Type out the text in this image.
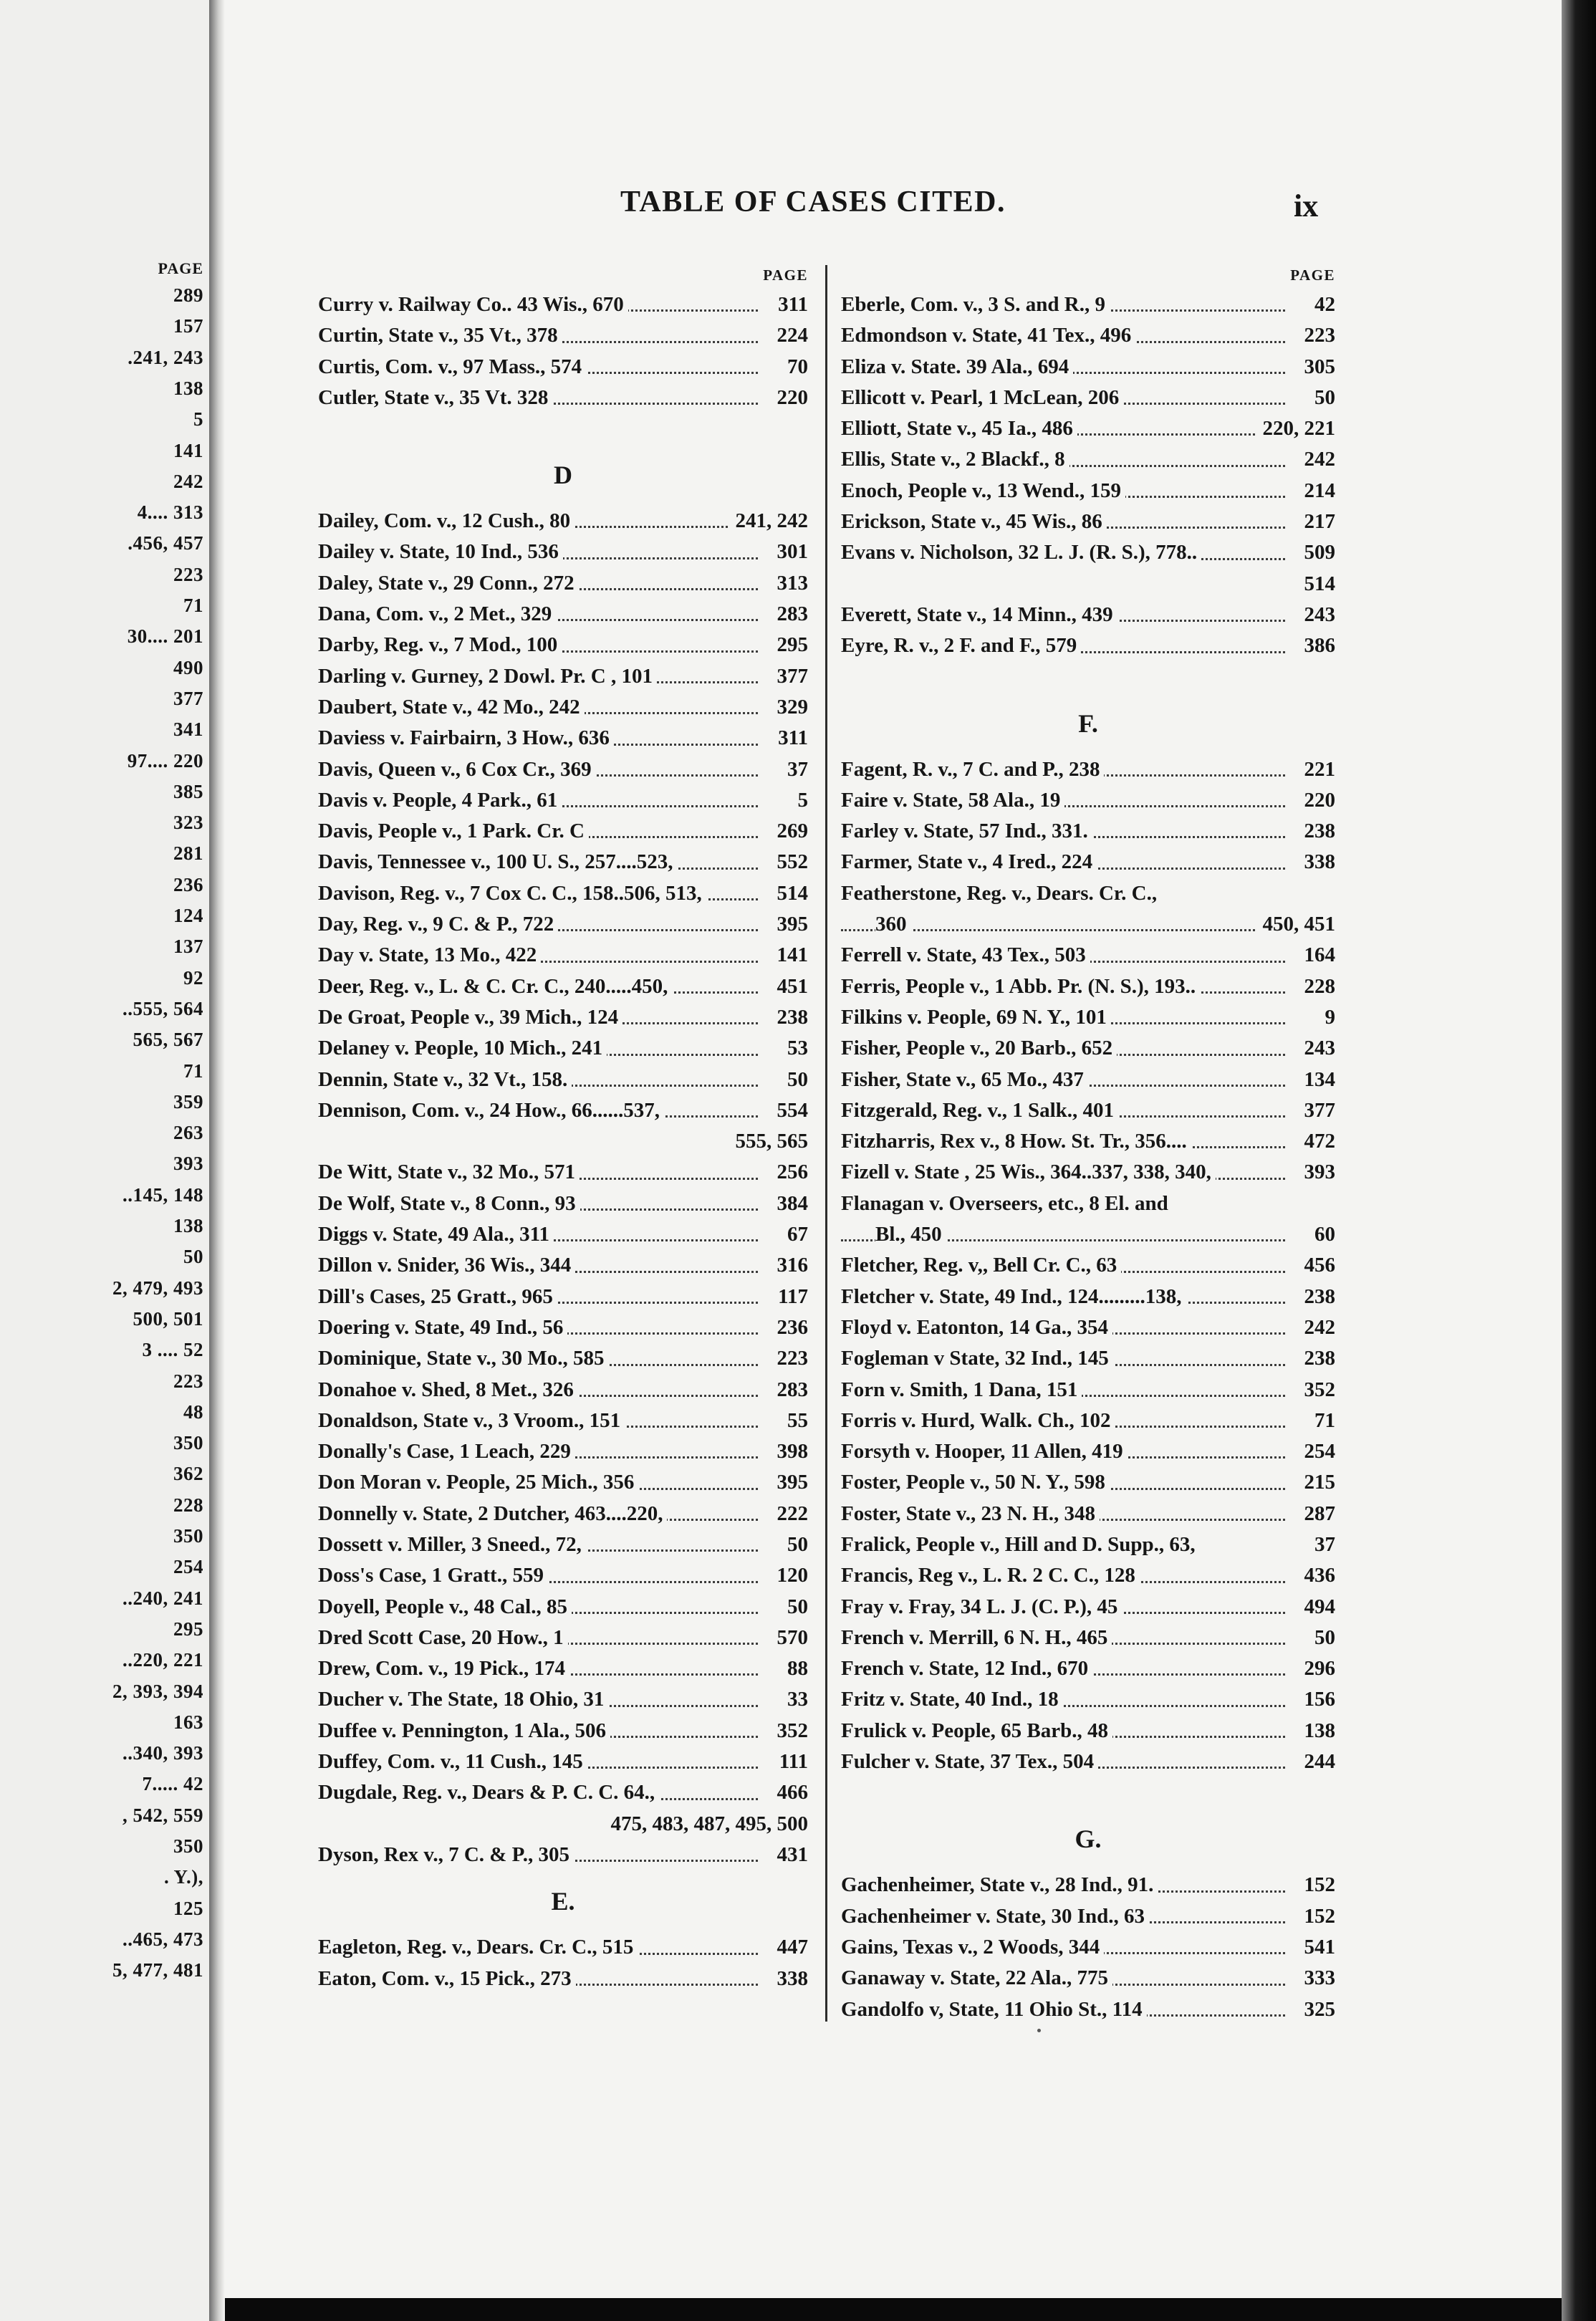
PAGE
289
157
.241, 243
138
5
141
242
4.... 313
.456, 457
223
71
30.... 201
490
377
341
97.... 220
385
323
281
236
124
137
92
..555, 564
565, 567
71
359
263
393
..145, 148
138
50
2, 479, 493
500, 501
3 .... 52
223
48
350
362
228
350
254
..240, 241
295
..220, 221
2, 393, 394
163
..340, 393
7..... 42
, 542, 559
350
. Y.),
125
..465, 473
5, 477, 481
TABLE OF CASES CITED.	ix
PAGE
Curry v. Railway Co.. 43 Wis., 670	311
Curtin, State v., 35 Vt., 378	224
Curtis, Com. v., 97 Mass., 574	70
Cutler, State v., 35 Vt. 328	220
D
Dailey, Com. v., 12 Cush., 80	241, 242
Dailey v. State, 10 Ind., 536	301
Daley, State v., 29 Conn., 272	313
Dana, Com. v., 2 Met., 329	283
Darby, Reg. v., 7 Mod., 100	295
Darling v. Gurney, 2 Dowl. Pr. C , 101	377
Daubert, State v., 42 Mo., 242	329
Daviess v. Fairbairn, 3 How., 636	311
Davis, Queen v., 6 Cox Cr., 369	37
Davis v. People, 4 Park., 61	5
Davis, People v., 1 Park. Cr. C	269
Davis, Tennessee v., 100 U. S., 257....523,	552
Davison, Reg. v., 7 Cox C. C., 158..506, 513,	514
Day, Reg. v., 9 C. & P., 722	395
Day v. State, 13 Mo., 422	141
Deer, Reg. v., L. & C. Cr. C., 240.....450,	451
De Groat, People v., 39 Mich., 124	238
Delaney v. People, 10 Mich., 241	53
Dennin, State v., 32 Vt., 158.	50
Dennison, Com. v., 24 How., 66......537,	554
555, 565
De Witt, State v., 32 Mo., 571	256
De Wolf, State v., 8 Conn., 93	384
Diggs v. State, 49 Ala., 311	67
Dillon v. Snider, 36 Wis., 344	316
Dill's Cases, 25 Gratt., 965	117
Doering v. State, 49 Ind., 56	236
Dominique, State v., 30 Mo., 585	223
Donahoe v. Shed, 8 Met., 326	283
Donaldson, State v., 3 Vroom., 151	55
Donally's Case, 1 Leach, 229	398
Don Moran v. People, 25 Mich., 356	395
Donnelly v. State, 2 Dutcher, 463....220,	222
Dossett v. Miller, 3 Sneed., 72,	50
Doss's Case, 1 Gratt., 559	120
Doyell, People v., 48 Cal., 85	50
Dred Scott Case, 20 How., 1	570
Drew, Com. v., 19 Pick., 174	88
Ducher v. The State, 18 Ohio, 31	33
Duffee v. Pennington, 1 Ala., 506	352
Duffey, Com. v., 11 Cush., 145	111
Dugdale, Reg. v., Dears & P. C. C. 64.,	466
475, 483, 487, 495, 500
Dyson, Rex v., 7 C. & P., 305	431
E.
Eagleton, Reg. v., Dears. Cr. C., 515	447
Eaton, Com. v., 15 Pick., 273	338
PAGE
Eberle, Com. v., 3 S. and R., 9	42
Edmondson v. State, 41 Tex., 496	223
Eliza v. State. 39 Ala., 694	305
Ellicott v. Pearl, 1 McLean, 206	50
Elliott, State v., 45 Ia., 486	220, 221
Ellis, State v., 2 Blackf., 8	242
Enoch, People v., 13 Wend., 159	214
Erickson, State v., 45 Wis., 86	217
Evans v. Nicholson, 32 L. J. (R. S.), 778..	509
514
Everett, State v., 14 Minn., 439	243
Eyre, R. v., 2 F. and F., 579	386
F.
Fagent, R. v., 7 C. and P., 238	221
Faire v. State, 58 Ala., 19	220
Farley v. State, 57 Ind., 331.	238
Farmer, State v., 4 Ired., 224	338
Featherstone, Reg. v., Dears. Cr. C.,
360	450, 451
Ferrell v. State, 43 Tex., 503	164
Ferris, People v., 1 Abb. Pr. (N. S.), 193..	228
Filkins v. People, 69 N. Y., 101	9
Fisher, People v., 20 Barb., 652	243
Fisher, State v., 65 Mo., 437	134
Fitzgerald, Reg. v., 1 Salk., 401	377
Fitzharris, Rex v., 8 How. St. Tr., 356....	472
Fizell v. State , 25 Wis., 364..337, 338, 340,	393
Flanagan v. Overseers, etc., 8 El. and
Bl., 450	60
Fletcher, Reg. v,, Bell Cr. C., 63	456
Fletcher v. State, 49 Ind., 124.........138,	238
Floyd v. Eatonton, 14 Ga., 354	242
Fogleman v State, 32 Ind., 145	238
Forn v. Smith, 1 Dana, 151	352
Forris v. Hurd, Walk. Ch., 102	71
Forsyth v. Hooper, 11 Allen, 419	254
Foster, People v., 50 N. Y., 598	215
Foster, State v., 23 N. H., 348	287
Fralick, People v., Hill and D. Supp., 63,	37
Francis, Reg v., L. R. 2 C. C., 128	436
Fray v. Fray, 34 L. J. (C. P.), 45	494
French v. Merrill, 6 N. H., 465	50
French v. State, 12 Ind., 670	296
Fritz v. State, 40 Ind., 18	156
Frulick v. People, 65 Barb., 48	138
Fulcher v. State, 37 Tex., 504	244
G.
Gachenheimer, State v., 28 Ind., 91.	152
Gachenheimer v. State, 30 Ind., 63	152
Gains, Texas v., 2 Woods, 344	541
Ganaway v. State, 22 Ala., 775	333
Gandolfo v, State, 11 Ohio St., 114	325
